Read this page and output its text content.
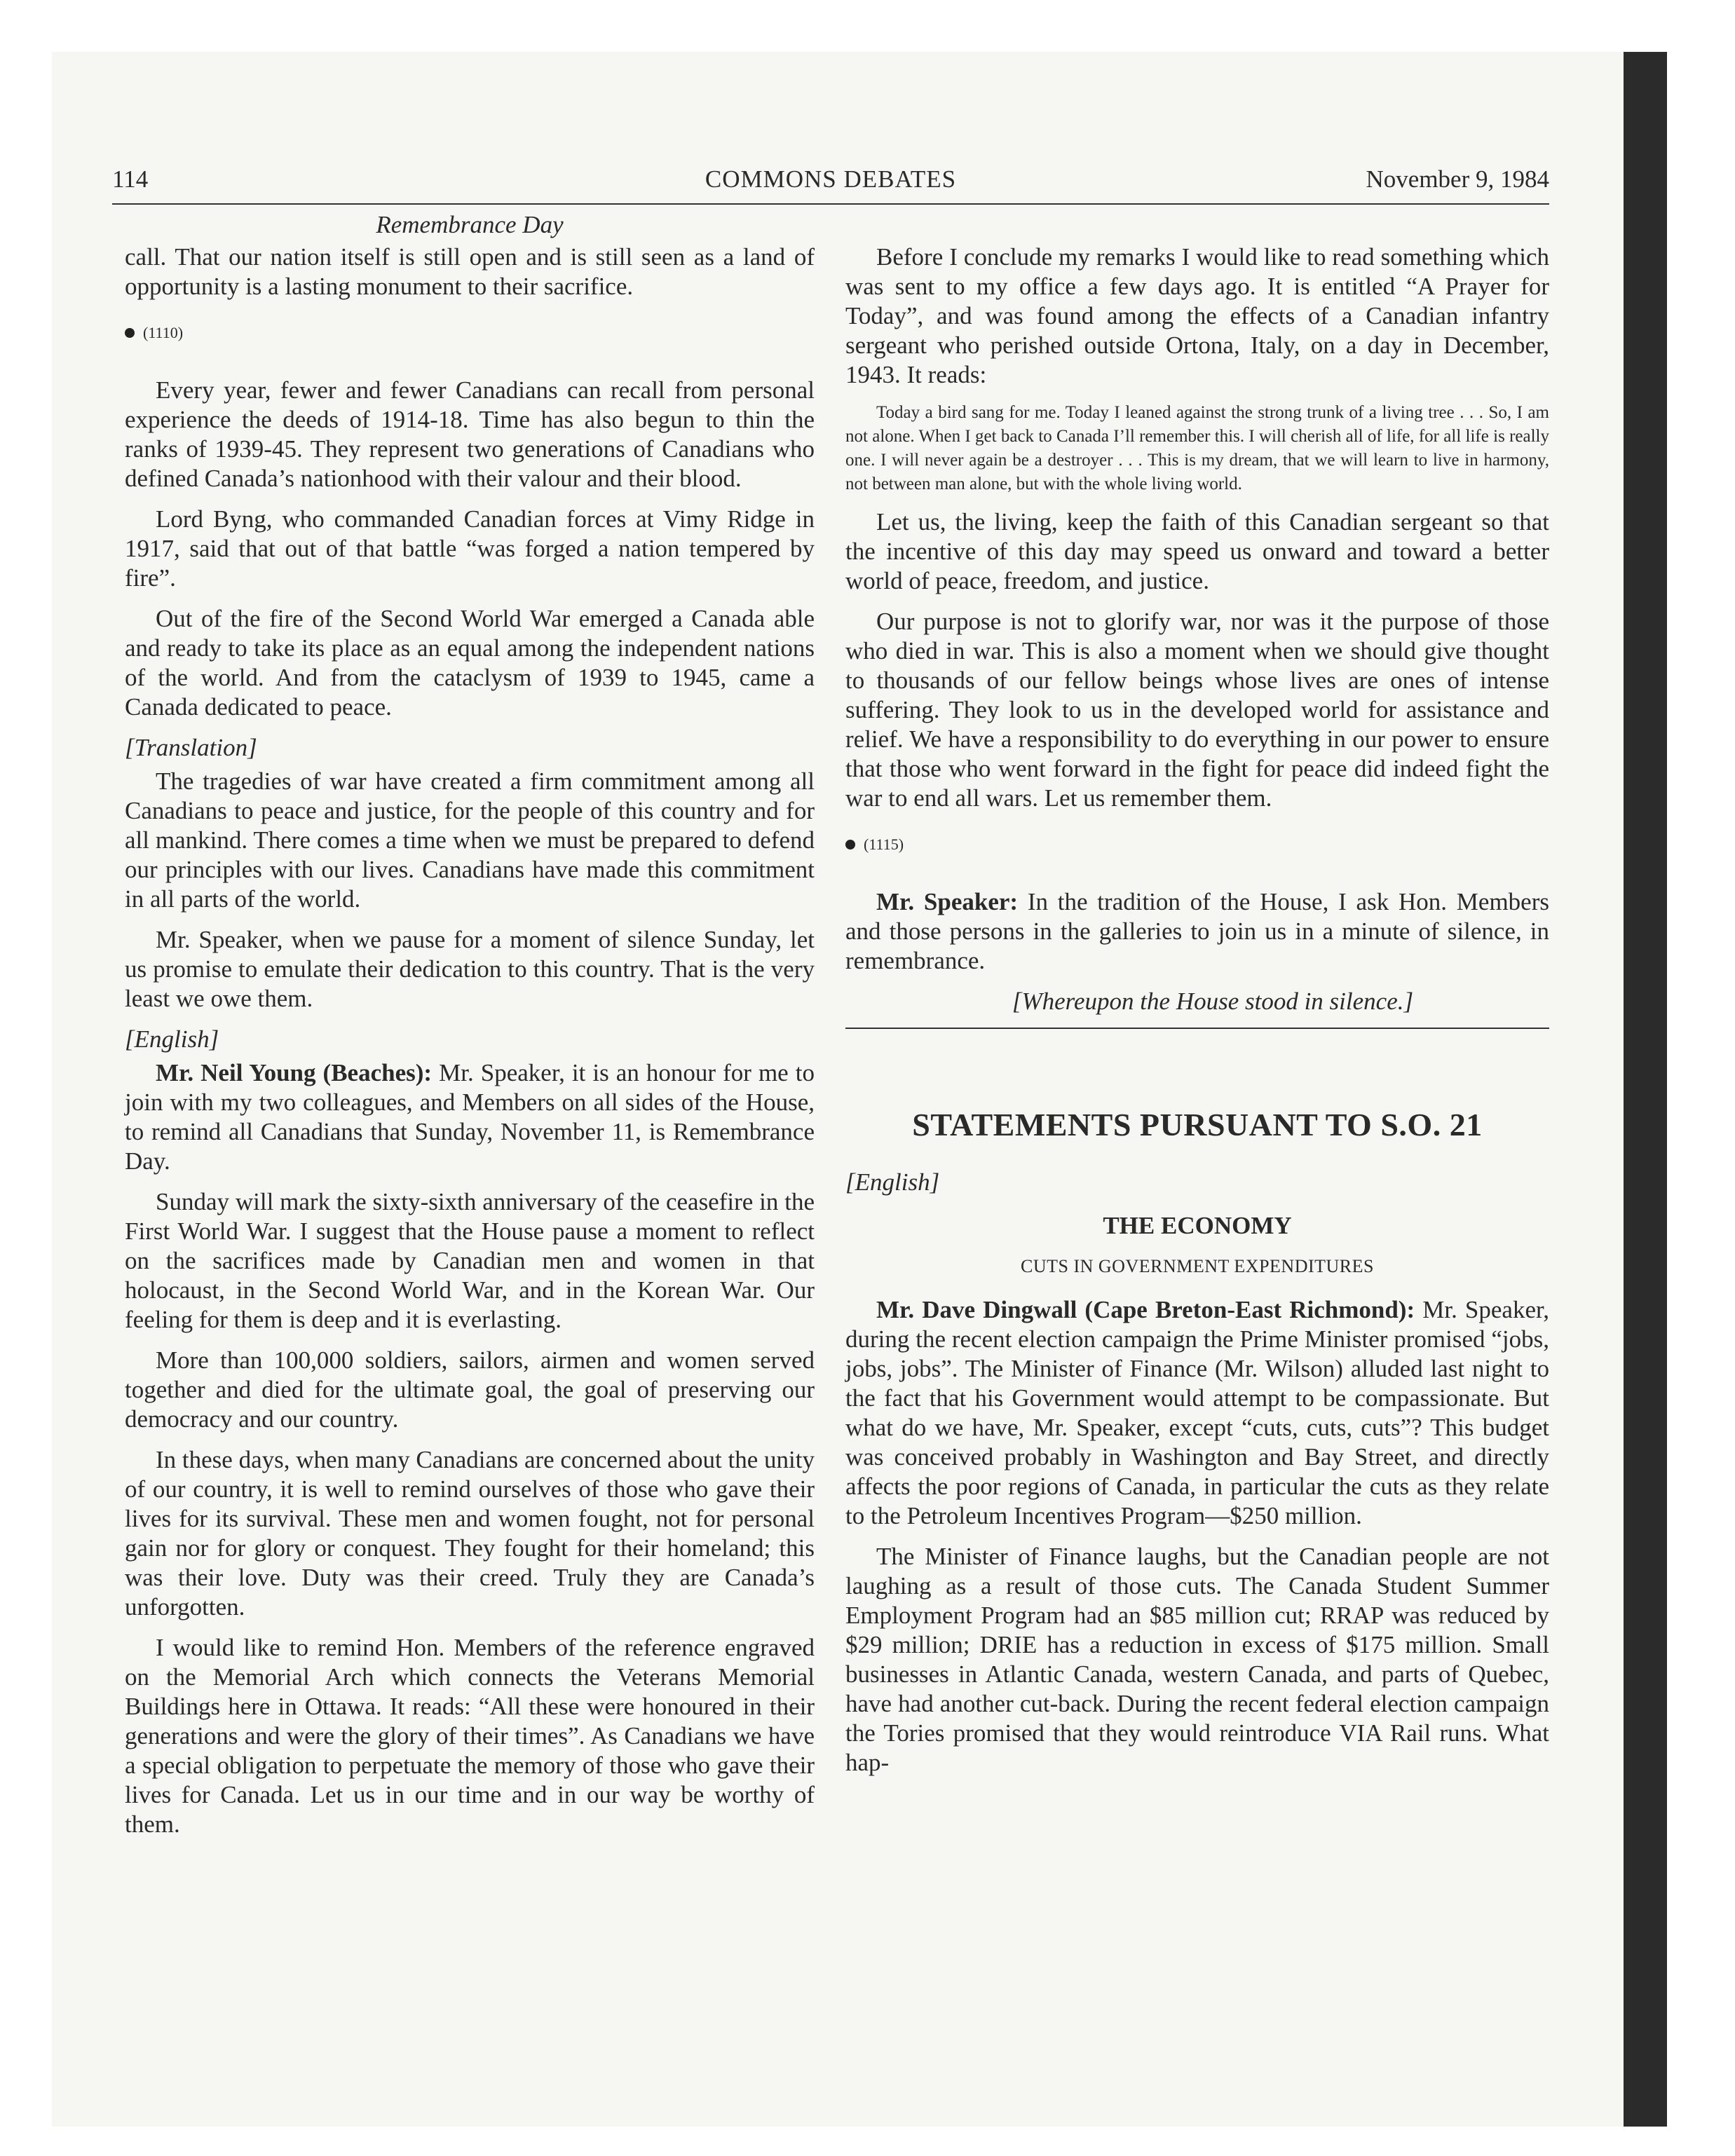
114	COMMONS DEBATES	November 9, 1984
Remembrance Day

call. That our nation itself is still open and is still seen as a land of opportunity is a lasting monument to their sacrifice.

(1110)

Every year, fewer and fewer Canadians can recall from personal experience the deeds of 1914-18. Time has also begun to thin the ranks of 1939-45. They represent two generations of Canadians who defined Canada’s nationhood with their valour and their blood.

Lord Byng, who commanded Canadian forces at Vimy Ridge in 1917, said that out of that battle “was forged a nation tempered by fire”.

Out of the fire of the Second World War emerged a Canada able and ready to take its place as an equal among the independent nations of the world. And from the cataclysm of 1939 to 1945, came a Canada dedicated to peace.

[Translation]

The tragedies of war have created a firm commitment among all Canadians to peace and justice, for the people of this country and for all mankind. There comes a time when we must be prepared to defend our principles with our lives. Canadians have made this commitment in all parts of the world.

Mr. Speaker, when we pause for a moment of silence Sunday, let us promise to emulate their dedication to this country. That is the very least we owe them.

[English]

Mr. Neil Young (Beaches): Mr. Speaker, it is an honour for me to join with my two colleagues, and Members on all sides of the House, to remind all Canadians that Sunday, November 11, is Remembrance Day.

Sunday will mark the sixty-sixth anniversary of the ceasefire in the First World War. I suggest that the House pause a moment to reflect on the sacrifices made by Canadian men and women in that holocaust, in the Second World War, and in the Korean War. Our feeling for them is deep and it is everlasting.

More than 100,000 soldiers, sailors, airmen and women served together and died for the ultimate goal, the goal of preserving our democracy and our country.

In these days, when many Canadians are concerned about the unity of our country, it is well to remind ourselves of those who gave their lives for its survival. These men and women fought, not for personal gain nor for glory or conquest. They fought for their homeland; this was their love. Duty was their creed. Truly they are Canada’s unforgotten.

I would like to remind Hon. Members of the reference engraved on the Memorial Arch which connects the Veterans Memorial Buildings here in Ottawa. It reads: “All these were honoured in their generations and were the glory of their times”. As Canadians we have a special obligation to perpetuate the memory of those who gave their lives for Canada. Let us in our time and in our way be worthy of them.

Before I conclude my remarks I would like to read something which was sent to my office a few days ago. It is entitled “A Prayer for Today”, and was found among the effects of a Canadian infantry sergeant who perished outside Ortona, Italy, on a day in December, 1943. It reads:

Today a bird sang for me. Today I leaned against the strong trunk of a living tree . . . So, I am not alone. When I get back to Canada I’ll remember this. I will cherish all of life, for all life is really one. I will never again be a destroyer . . . This is my dream, that we will learn to live in harmony, not between man alone, but with the whole living world.

Let us, the living, keep the faith of this Canadian sergeant so that the incentive of this day may speed us onward and toward a better world of peace, freedom, and justice.

Our purpose is not to glorify war, nor was it the purpose of those who died in war. This is also a moment when we should give thought to thousands of our fellow beings whose lives are ones of intense suffering. They look to us in the developed world for assistance and relief. We have a responsibility to do everything in our power to ensure that those who went forward in the fight for peace did indeed fight the war to end all wars. Let us remember them.

(1115)

Mr. Speaker: In the tradition of the House, I ask Hon. Members and those persons in the galleries to join us in a minute of silence, in remembrance.

[Whereupon the House stood in silence.]

STATEMENTS PURSUANT TO S.O. 21
[English]
THE ECONOMY
CUTS IN GOVERNMENT EXPENDITURES

Mr. Dave Dingwall (Cape Breton-East Richmond): Mr. Speaker, during the recent election campaign the Prime Minister promised “jobs, jobs, jobs”. The Minister of Finance (Mr. Wilson) alluded last night to the fact that his Government would attempt to be compassionate. But what do we have, Mr. Speaker, except “cuts, cuts, cuts”? This budget was conceived probably in Washington and Bay Street, and directly affects the poor regions of Canada, in particular the cuts as they relate to the Petroleum Incentives Program—$250 million.

The Minister of Finance laughs, but the Canadian people are not laughing as a result of those cuts. The Canada Student Summer Employment Program had an $85 million cut; RRAP was reduced by $29 million; DRIE has a reduction in excess of $175 million. Small businesses in Atlantic Canada, western Canada, and parts of Quebec, have had another cut-back. During the recent federal election campaign the Tories promised that they would reintroduce VIA Rail runs. What hap-
